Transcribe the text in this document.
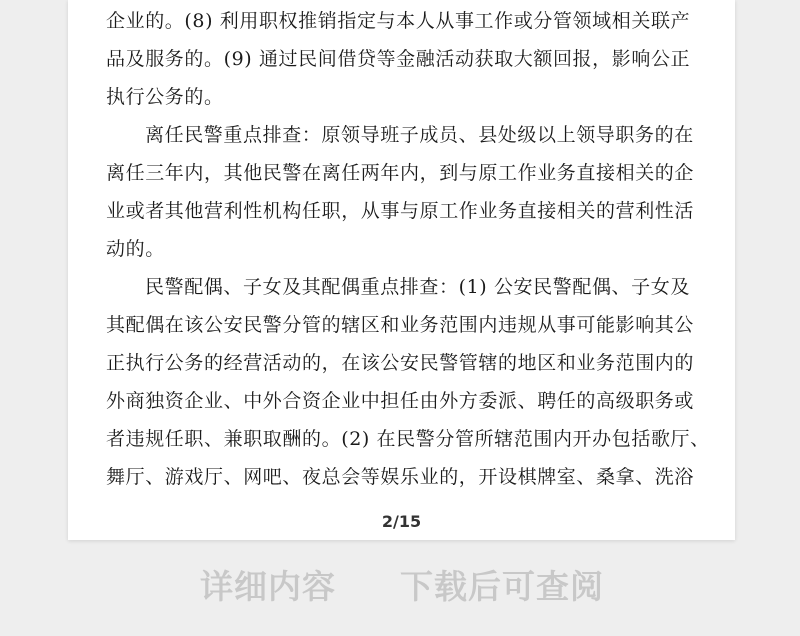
企业的。(8) 利用职权推销指定与本人从事工作或分管领域相关联产
品及服务的。(9) 通过民间借贷等金融活动获取大额回报，影响公正
执行公务的。
离任民警重点排查：原领导班子成员、县处级以上领导职务的在
离任三年内，其他民警在离任两年内，到与原工作业务直接相关的企
业或者其他营利性机构任职，从事与原工作业务直接相关的营利性活
动的。
民警配偶、子女及其配偶重点排查：(1) 公安民警配偶、子女及
其配偶在该公安民警分管的辖区和业务范围内违规从事可能影响其公
正执行公务的经营活动的，在该公安民警管辖的地区和业务范围内的
外商独资企业、中外合资企业中担任由外方委派、聘任的高级职务或
者违规任职、兼职取酬的。(2) 在民警分管所辖范围内开办包括歌厅、
舞厅、游戏厅、网吧、夜总会等娱乐业的，开设棋牌室、桑拿、洗浴
2/15
详细内容 下载后可查阅
